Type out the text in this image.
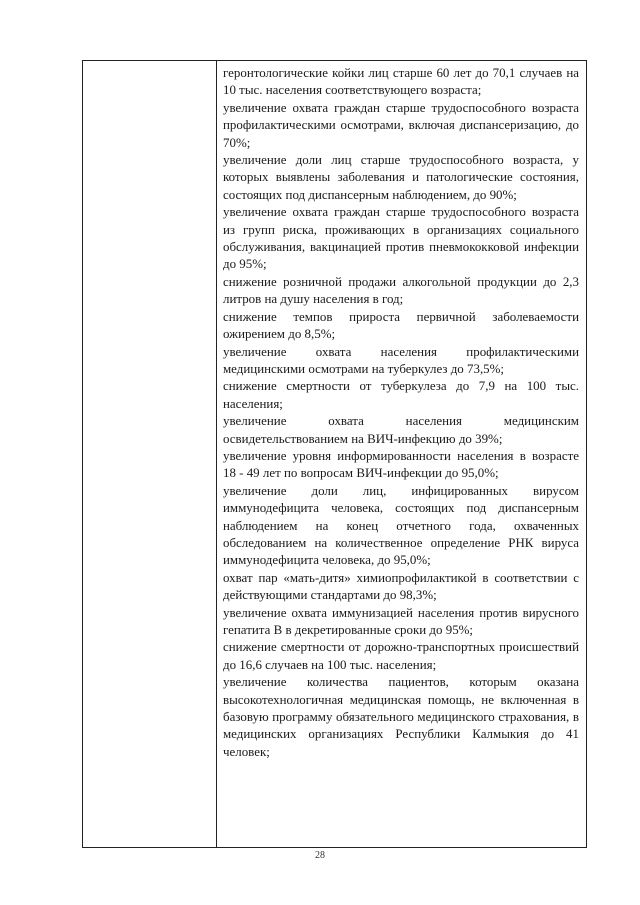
геронтологические койки лиц старше 60 лет до 70,1 случаев на 10 тыс. населения соответствующего возраста;

увеличение охвата граждан старше трудоспособного возраста профилактическими осмотрами, включая диспансеризацию, до 70%;

увеличение доли лиц старше трудоспособного возраста, у которых выявлены заболевания и патологические состояния, состоящих под диспансерным наблюдением, до 90%;

увеличение охвата граждан старше трудоспособного возраста из групп риска, проживающих в организациях социального обслуживания, вакцинацией против пневмококковой инфекции до 95%;

снижение розничной продажи алкогольной продукции до 2,3 литров на душу населения в год;

снижение темпов прироста первичной заболеваемости ожирением до 8,5%;

увеличение охвата населения профилактическими медицинскими осмотрами на туберкулез до 73,5%;

снижение смертности от туберкулеза до 7,9 на 100 тыс. населения;

увеличение охвата населения медицинским освидетельствованием на ВИЧ-инфекцию до 39%;

увеличение уровня информированности населения в возрасте 18 - 49 лет по вопросам ВИЧ-инфекции до 95,0%;

увеличение доли лиц, инфицированных вирусом иммунодефицита человека, состоящих под диспансерным наблюдением на конец отчетного года, охваченных обследованием на количественное определение РНК вируса иммунодефицита человека, до 95,0%;

охват пар «мать-дитя» химиопрофилактикой в соответствии с действующими стандартами до 98,3%;

увеличение охвата иммунизацией населения против вирусного гепатита В в декретированные сроки до 95%;

снижение смертности от дорожно-транспортных происшествий до 16,6 случаев на 100 тыс. населения;

увеличение количества пациентов, которым оказана высокотехнологичная медицинская помощь, не включенная в базовую программу обязательного медицинского страхования, в медицинских организациях Республики Калмыкия до 41 человек;

28
